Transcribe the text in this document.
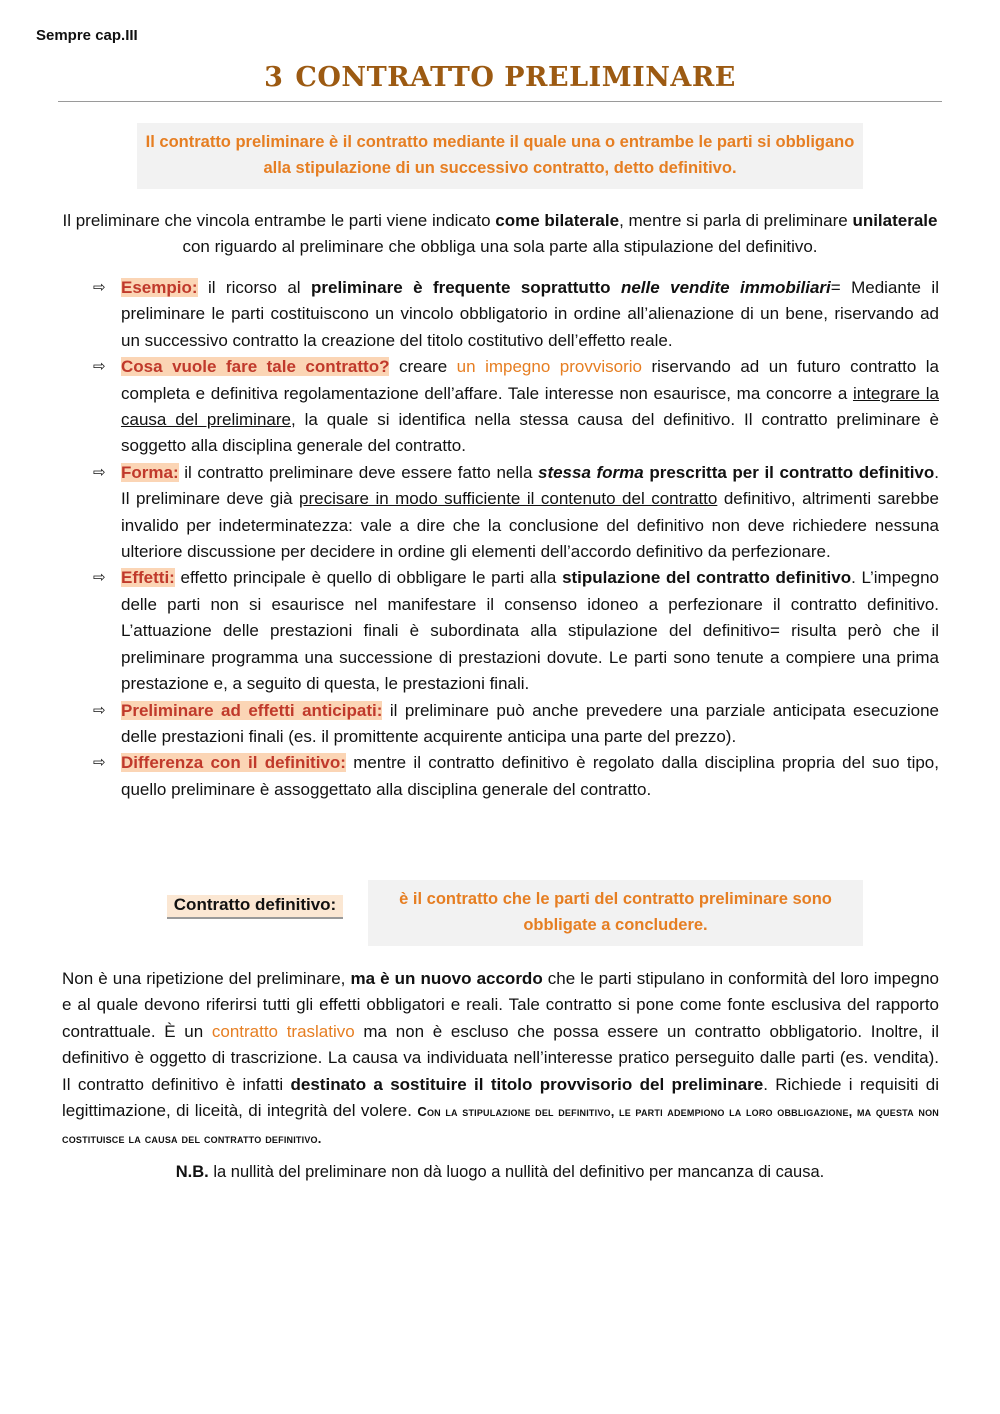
Sempre cap.III
3 CONTRATTO PRELIMINARE
Il contratto preliminare è il contratto mediante il quale una o entrambe le parti si obbligano alla stipulazione di un successivo contratto, detto definitivo.
Il preliminare che vincola entrambe le parti viene indicato come bilaterale, mentre si parla di preliminare unilaterale con riguardo al preliminare che obbliga una sola parte alla stipulazione del definitivo.
⇨ Esempio: il ricorso al preliminare è frequente soprattutto nelle vendite immobiliari= Mediante il preliminare le parti costituiscono un vincolo obbligatorio in ordine all’alienazione di un bene, riservando ad un successivo contratto la creazione del titolo costitutivo dell’effetto reale.
⇨ Cosa vuole fare tale contratto? creare un impegno provvisorio riservando ad un futuro contratto la completa e definitiva regolamentazione dell’affare. Tale interesse non esaurisce, ma concorre a integrare la causa del preliminare, la quale si identifica nella stessa causa del definitivo. Il contratto preliminare è soggetto alla disciplina generale del contratto.
⇨ Forma: il contratto preliminare deve essere fatto nella stessa forma prescritta per il contratto definitivo. Il preliminare deve già precisare in modo sufficiente il contenuto del contratto definitivo, altrimenti sarebbe invalido per indeterminatezza: vale a dire che la conclusione del definitivo non deve richiedere nessuna ulteriore discussione per decidere in ordine gli elementi dell’accordo definitivo da perfezionare.
⇨ Effetti: effetto principale è quello di obbligare le parti alla stipulazione del contratto definitivo. L’impegno delle parti non si esaurisce nel manifestare il consenso idoneo a perfezionare il contratto definitivo. L’attuazione delle prestazioni finali è subordinata alla stipulazione del definitivo= risulta però che il preliminare programma una successione di prestazioni dovute. Le parti sono tenute a compiere una prima prestazione e, a seguito di questa, le prestazioni finali.
⇨ Preliminare ad effetti anticipati: il preliminare può anche prevedere una parziale anticipata esecuzione delle prestazioni finali (es. il promittente acquirente anticipa una parte del prezzo).
⇨ Differenza con il definitivo: mentre il contratto definitivo è regolato dalla disciplina propria del suo tipo, quello preliminare è assoggettato alla disciplina generale del contratto.
Contratto definitivo:	è il contratto che le parti del contratto preliminare sono obbligate a concludere.
Non è una ripetizione del preliminare, ma è un nuovo accordo che le parti stipulano in conformità del loro impegno e al quale devono riferirsi tutti gli effetti obbligatori e reali. Tale contratto si pone come fonte esclusiva del rapporto contrattuale. È un contratto traslativo ma non è escluso che possa essere un contratto obbligatorio. Inoltre, il definitivo è oggetto di trascrizione. La causa va individuata nell’interesse pratico perseguito dalle parti (es. vendita). Il contratto definitivo è infatti destinato a sostituire il titolo provvisorio del preliminare. Richiede i requisiti di legittimazione, di liceità, di integrità del volere. Con la stipulazione del definitivo, le parti adempiono la loro obbligazione, ma questa non costituisce la causa del contratto definitivo.
N.B. la nullità del preliminare non dà luogo a nullità del definitivo per mancanza di causa.
